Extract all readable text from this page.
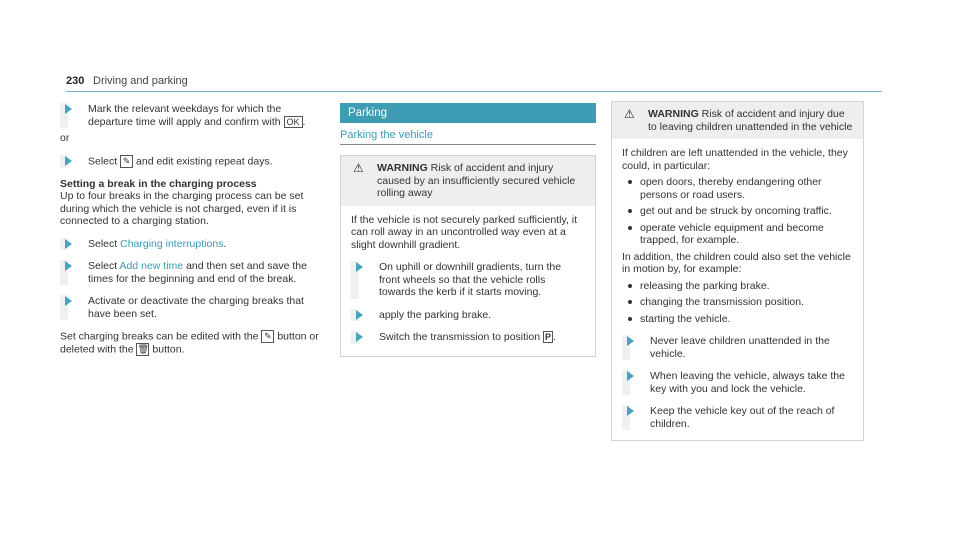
230 Driving and parking
Mark the relevant weekdays for which the departure time will apply and confirm with OK .
or
Select ✎ and edit existing repeat days.
Setting a break in the charging process
Up to four breaks in the charging process can be set during which the vehicle is not charged, even if it is connected to a charging station.
Select Charging interruptions.
Select Add new time and then set and save the times for the beginning and end of the break.
Activate or deactivate the charging breaks that have been set.
Set charging breaks can be edited with the ✎ button or deleted with the 🗑 button.
Parking
Parking the vehicle
⚠ WARNING Risk of accident and injury caused by an insufficiently secured vehicle rolling away
If the vehicle is not securely parked sufficiently, it can roll away in an uncontrolled way even at a slight downhill gradient.
On uphill or downhill gradients, turn the front wheels so that the vehicle rolls towards the kerb if it starts moving.
apply the parking brake.
Switch the transmission to position P .
⚠ WARNING Risk of accident and injury due to leaving children unattended in the vehicle
If children are left unattended in the vehicle, they could, in particular:
open doors, thereby endangering other persons or road users.
get out and be struck by oncoming traffic.
operate vehicle equipment and become trapped, for example.
In addition, the children could also set the vehicle in motion by, for example:
releasing the parking brake.
changing the transmission position.
starting the vehicle.
Never leave children unattended in the vehicle.
When leaving the vehicle, always take the key with you and lock the vehicle.
Keep the vehicle key out of the reach of children.
